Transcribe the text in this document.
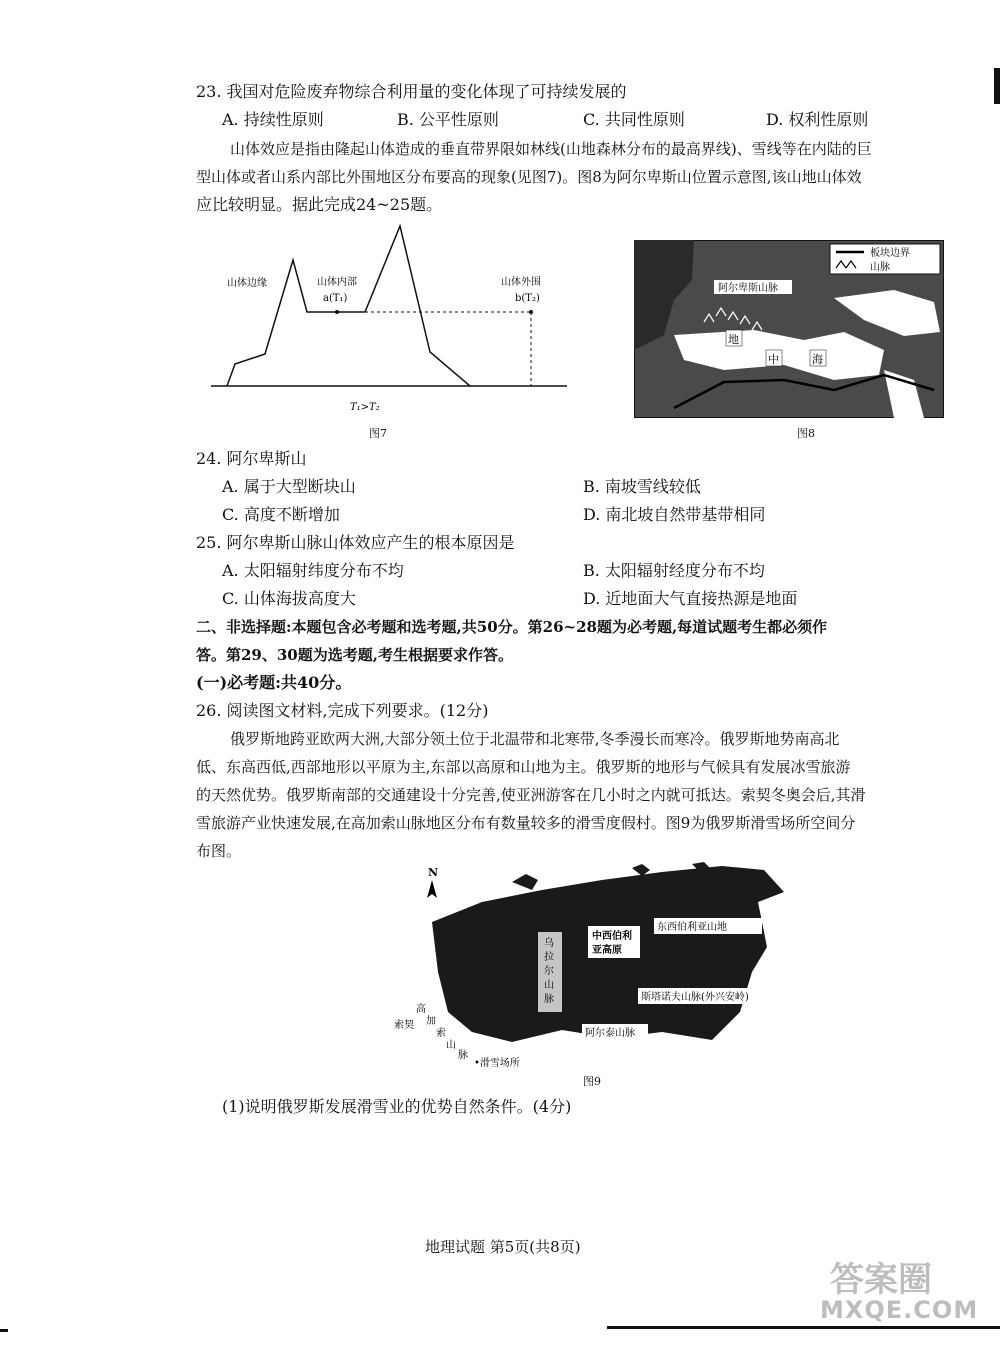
23. 我国对危险废弃物综合利用量的变化体现了可持续发展的
A. 持续性原则	B. 公平性原则	C. 共同性原则	D. 权利性原则
山体效应是指由隆起山体造成的垂直带界限如林线(山地森林分布的最高界线)、雪线等在内陆的巨
型山体或者山系内部比外围地区分布要高的现象(见图7)。图8为阿尔卑斯山位置示意图,该山地山体效
应比较明显。据此完成24~25题。
山体边缘	山体内部
a(T₁)
山体外围
b(T₂)
T₁>T₂
图7
板块边界
山脉
阿尔卑斯山脉
地
中	海
图8
24. 阿尔卑斯山
A. 属于大型断块山	B. 南坡雪线较低
C. 高度不断增加	D. 南北坡自然带基带相同
25. 阿尔卑斯山脉山体效应产生的根本原因是
A. 太阳辐射纬度分布不均	B. 太阳辐射经度分布不均
C. 山体海拔高度大	D. 近地面大气直接热源是地面
二、非选择题:本题包含必考题和选考题,共50分。第26~28题为必考题,每道试题考生都必须作
答。第29、30题为选考题,考生根据要求作答。
(一)必考题:共40分。
26. 阅读图文材料,完成下列要求。(12分)
俄罗斯地跨亚欧两大洲,大部分领土位于北温带和北寒带,冬季漫长而寒冷。俄罗斯地势南高北
低、东高西低,西部地形以平原为主,东部以高原和山地为主。俄罗斯的地形与气候具有发展冰雪旅游
的天然优势。俄罗斯南部的交通建设十分完善,使亚洲游客在几小时之内就可抵达。索契冬奥会后,其滑
雪旅游产业快速发展,在高加索山脉地区分布有数量较多的滑雪度假村。图9为俄罗斯滑雪场所空间分
布图。
N
东西伯利亚山地
中西伯利
亚高原
斯塔诺夫山脉(外兴安岭)
阿尔泰山脉
乌
拉
尔
山
脉
高
加
索
山
脉
索契
•滑雪场所
图9
(1)说明俄罗斯发展滑雪业的优势自然条件。(4分)
地理试题 第5页(共8页)
答案圈
MXQE.COM
